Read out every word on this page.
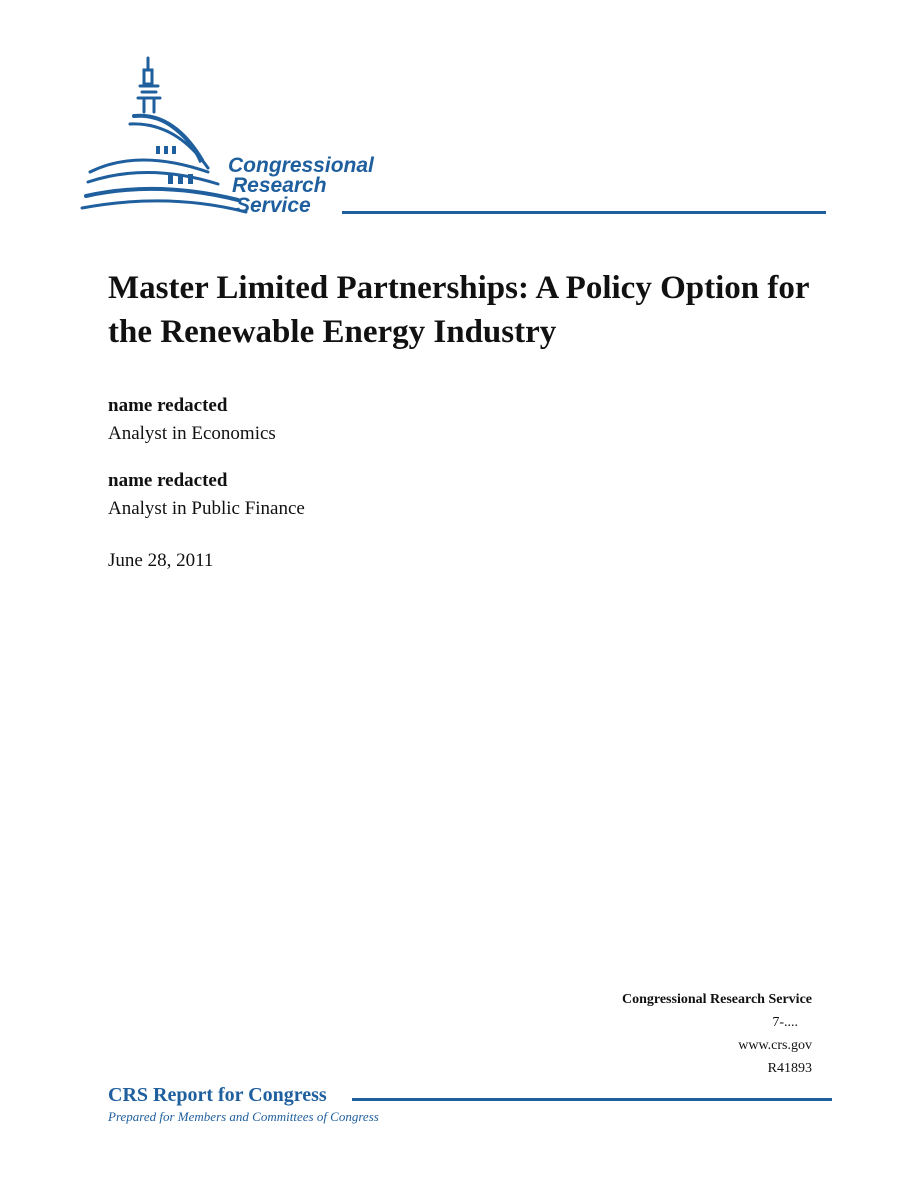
Congressional
Research
Service
Master Limited Partnerships: A Policy Option for the Renewable Energy Industry
name redacted
Analyst in Economics
name redacted
Analyst in Public Finance
June 28, 2011
Congressional Research Service
7-....
www.crs.gov
R41893
CRS Report for Congress
Prepared for Members and Committees of Congress
